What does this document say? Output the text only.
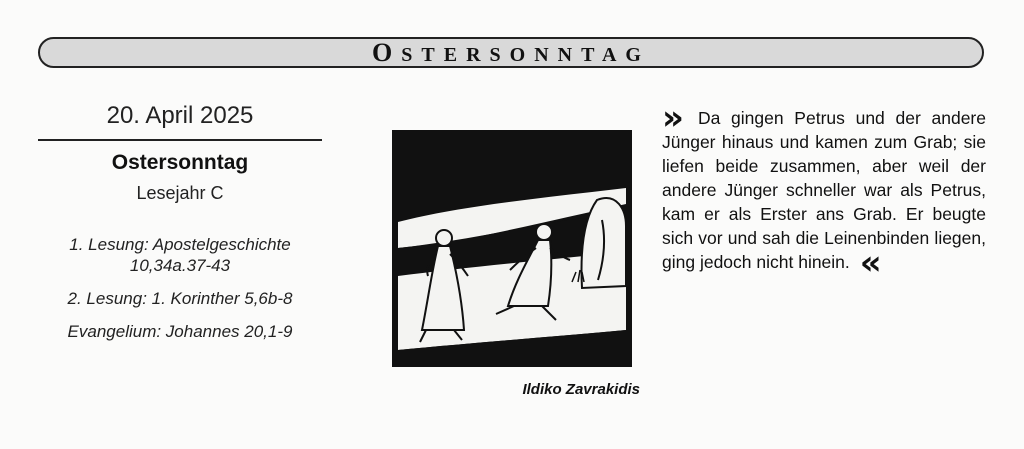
OSTERSONNTAG
20. April 2025
Ostersonntag
Lesejahr C
1. Lesung: Apostelgeschichte
10,34a.37-43
2. Lesung: 1. Korinther 5,6b-8
Evangelium: Johannes 20,1-9
Ildiko Zavrakidis
» Da gingen Petrus und der andere Jünger hinaus und kamen zum Grab; sie liefen beide zusammen, aber weil der andere Jünger schneller war als Petrus, kam er als Erster ans Grab. Er beugte sich vor und sah die Leinenbinden liegen, ging jedoch nicht hinein. «
